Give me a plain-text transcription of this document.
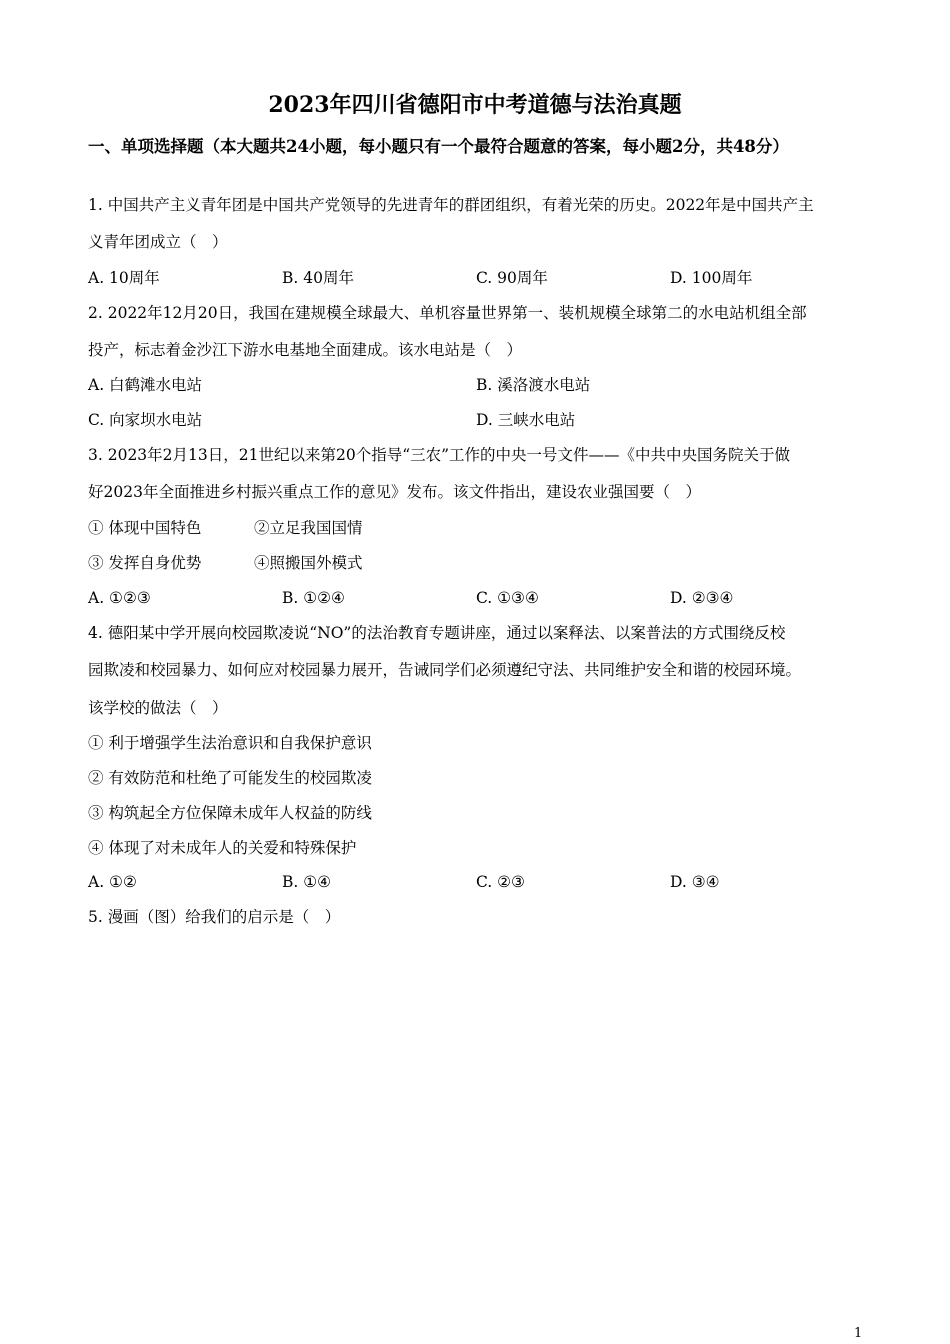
2023年四川省德阳市中考道德与法治真题
一、单项选择题（本大题共24小题，每小题只有一个最符合题意的答案，每小题2分，共48分）
1. 中国共产主义青年团是中国共产党领导的先进青年的群团组织，有着光荣的历史。2022年是中国共产主
义青年团成立（　）
A. 10周年	B. 40周年	C. 90周年	D. 100周年
2. 2022年12月20日，我国在建规模全球最大、单机容量世界第一、装机规模全球第二的水电站机组全部
投产，标志着金沙江下游水电基地全面建成。该水电站是（　）
A. 白鹤滩水电站	B. 溪洛渡水电站
C. 向家坝水电站	D. 三峡水电站
3. 2023年2月13日，21世纪以来第20个指导“三农”工作的中央一号文件——《中共中央国务院关于做
好2023年全面推进乡村振兴重点工作的意见》发布。该文件指出，建设农业强国要（　）
① 体现中国特色	②立足我国国情
③ 发挥自身优势	④照搬国外模式
A. ①②③	B. ①②④	C. ①③④	D. ②③④
4. 德阳某中学开展向校园欺凌说“NO”的法治教育专题讲座，通过以案释法、以案普法的方式围绕反校
园欺凌和校园暴力、如何应对校园暴力展开，告诫同学们必须遵纪守法、共同维护安全和谐的校园环境。
该学校的做法（　）
① 利于增强学生法治意识和自我保护意识
② 有效防范和杜绝了可能发生的校园欺凌
③ 构筑起全方位保障未成年人权益的防线
④ 体现了对未成年人的关爱和特殊保护
A. ①②	B. ①④	C. ②③	D. ③④
5. 漫画（图）给我们的启示是（　）
1
